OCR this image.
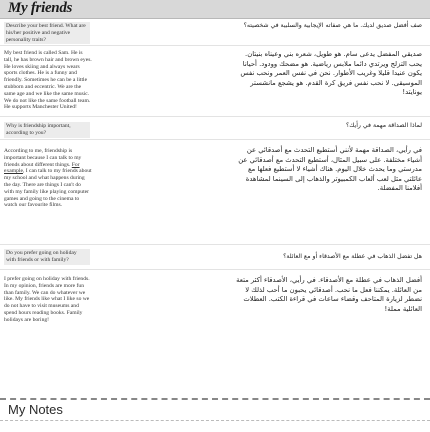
My friends
Describe your best friend. What are his/her positive and negative personality traits?
صف أفضل صديق لديك. ما هي صفاته الإيجابية والسلبية في شخصيته؟
My best friend is called Sam. He is tall, he has brown hair and brown eyes. He loves skiing and always wears sports clothes. He is a funny and friendly. Sometimes he can be a little stubborn and eccentric. We are the same age and we like the same music. We do not like the same football team. He supports Manchester United!
صديقي المفضل يدعى سام. هو طويل، شعره بني وعيناه بنيتان. يحب التزلج ويرتدي دائما ملابس رياضية. هو مضحك وودود. أحيانا يكون عنيدا قليلا وغريب الأطوار. نحن في نفس العمر ونحب نفس الموسيقى. لا نحب نفس فريق كرة القدم. هو يشجع مانشستر يونايتد!
Why is friendship important, according to you?
لماذا الصداقة مهمة في رأيك؟
According to me, friendship is important because I can talk to my friends about different things. For example, I can talk to my friends about my school and what happens during the day. There are things I can't do with my family like playing computer games and going to the cinema to watch our favourite films.
في رأيي، الصداقة مهمة لأنني أستطيع التحدث مع أصدقائي عن أشياء مختلفة. على سبيل المثال، أستطيع التحدث مع أصدقائي عن مدرستي وما يحدث خلال اليوم. هناك أشياء لا أستطيع فعلها مع عائلتي مثل لعب ألعاب الكمبيوتر والذهاب إلى السينما لمشاهدة أفلامنا المفضلة.
Do you prefer going on holiday with friends or with family?	هل تفضل الذهاب في عطلة مع الأصدقاء أو مع العائلة؟
I prefer going on holiday with friends. In my opinion, friends are more fun than family. We can do whatever we like. My friends like what I like so we do not have to visit museums and spend hours reading books. Family holidays are boring!
أفضل الذهاب في عطلة مع الأصدقاء. في رأيي، الأصدقاء أكثر متعة من العائلة. يمكننا فعل ما نحب. أصدقائي يحبون ما أحب لذلك لا نضطر لزيارة المتاحف وقضاء ساعات في قراءة الكتب. العطلات العائلية مملة!
My Notes
